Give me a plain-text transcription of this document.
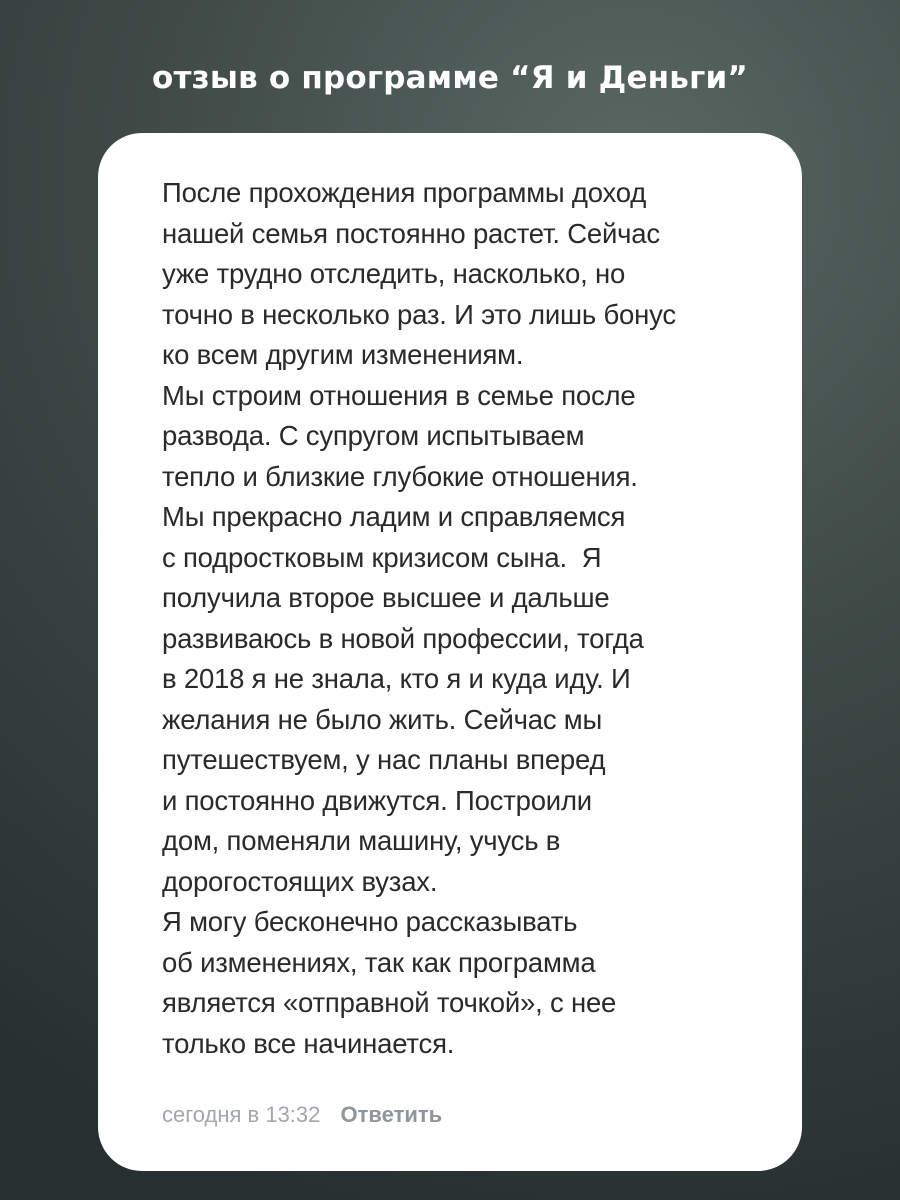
отзыв о программе “Я и Деньги”
После прохождения программы доход
нашей семья постоянно растет. Сейчас
уже трудно отследить, насколько, но
точно в несколько раз. И это лишь бонус
ко всем другим изменениям.
Мы строим отношения в семье после
развода. С супругом испытываем
тепло и близкие глубокие отношения.
Мы прекрасно ладим и справляемся
с подростковым кризисом сына.  Я
получила второе высшее и дальше
развиваюсь в новой профессии, тогда
в 2018 я не знала, кто я и куда иду. И
желания не было жить. Сейчас мы
путешествуем, у нас планы вперед
и постоянно движутся. Построили
дом, поменяли машину, учусь в
дорогостоящих вузах.
Я могу бесконечно рассказывать
об изменениях, так как программа
является «отправной точкой», с нее
только все начинается.
сегодня в 13:32 Ответить
